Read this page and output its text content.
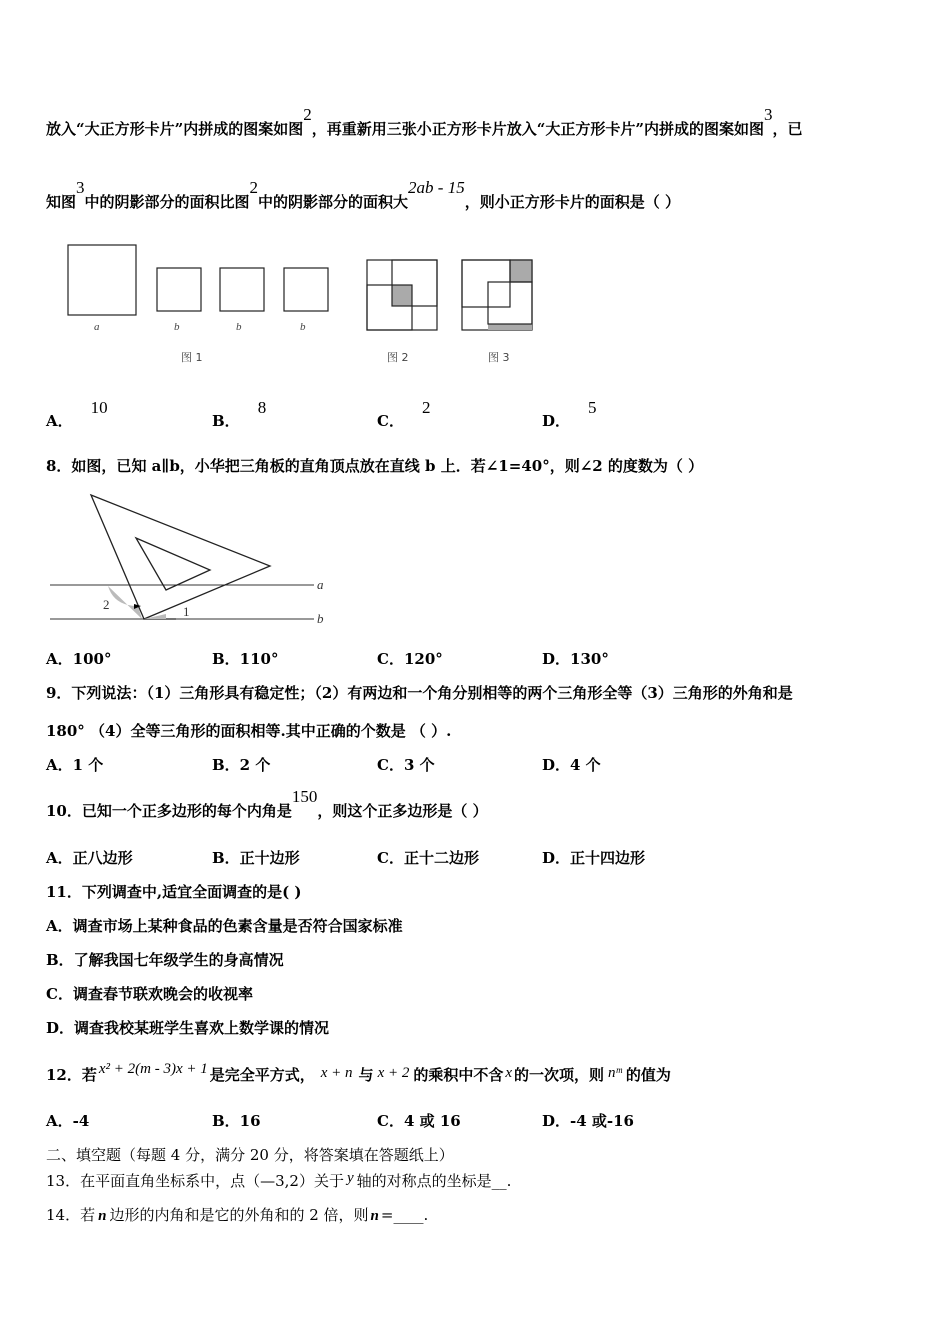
放入“大正方形卡片”内拼成的图案如图2，再重新用三张小正方形卡片放入“大正方形卡片”内拼成的图案如图3，已
知图3中的阴影部分的面积比图2中的阴影部分的面积大2ab - 15，则小正方形卡片的面积是（ ）
a	b	b	b
图 1	图 2	图 3
A．10
B．8
C．2
D．5
8．如图，已知 a∥b，小华把三角板的直角顶点放在直线 b 上．若∠1=40°，则∠2 的度数为（ ）
a
b
1
2
A．100°	B．110°	C．120°	D．130°
9．下列说法：（1）三角形具有稳定性；（2）有两边和一个角分别相等的两个三角形全等（3）三角形的外角和是
180° （4）全等三角形的面积相等.其中正确的个数是 （ ）.
A．1 个	B．2 个	C．3 个	D．4 个
10．已知一个正多边形的每个内角是150，则这个正多边形是（ ）
A．正八边形	B．正十边形	C．正十二边形	D．正十四边形
11．下列调查中,适宜全面调查的是( )
A．调查市场上某种食品的色素含量是否符合国家标准
B．了解我国七年级学生的身高情况
C．调查春节联欢晚会的收视率
D．调查我校某班学生喜欢上数学课的情况
12．若 x² + 2(m - 3)x + 1 是完全平方式， x + n 与 x + 2 的乘积中不含 x 的一次项，则 nᵐ 的值为
A．-4	B．16	C．4 或 16	D．-4 或-16
二、填空题（每题 4 分，满分 20 分，将答案填在答题纸上）
13．在平面直角坐标系中，点（—3,2）关于 y 轴的对称点的坐标是__.
14．若 n 边形的内角和是它的外角和的 2 倍，则 n =____.
